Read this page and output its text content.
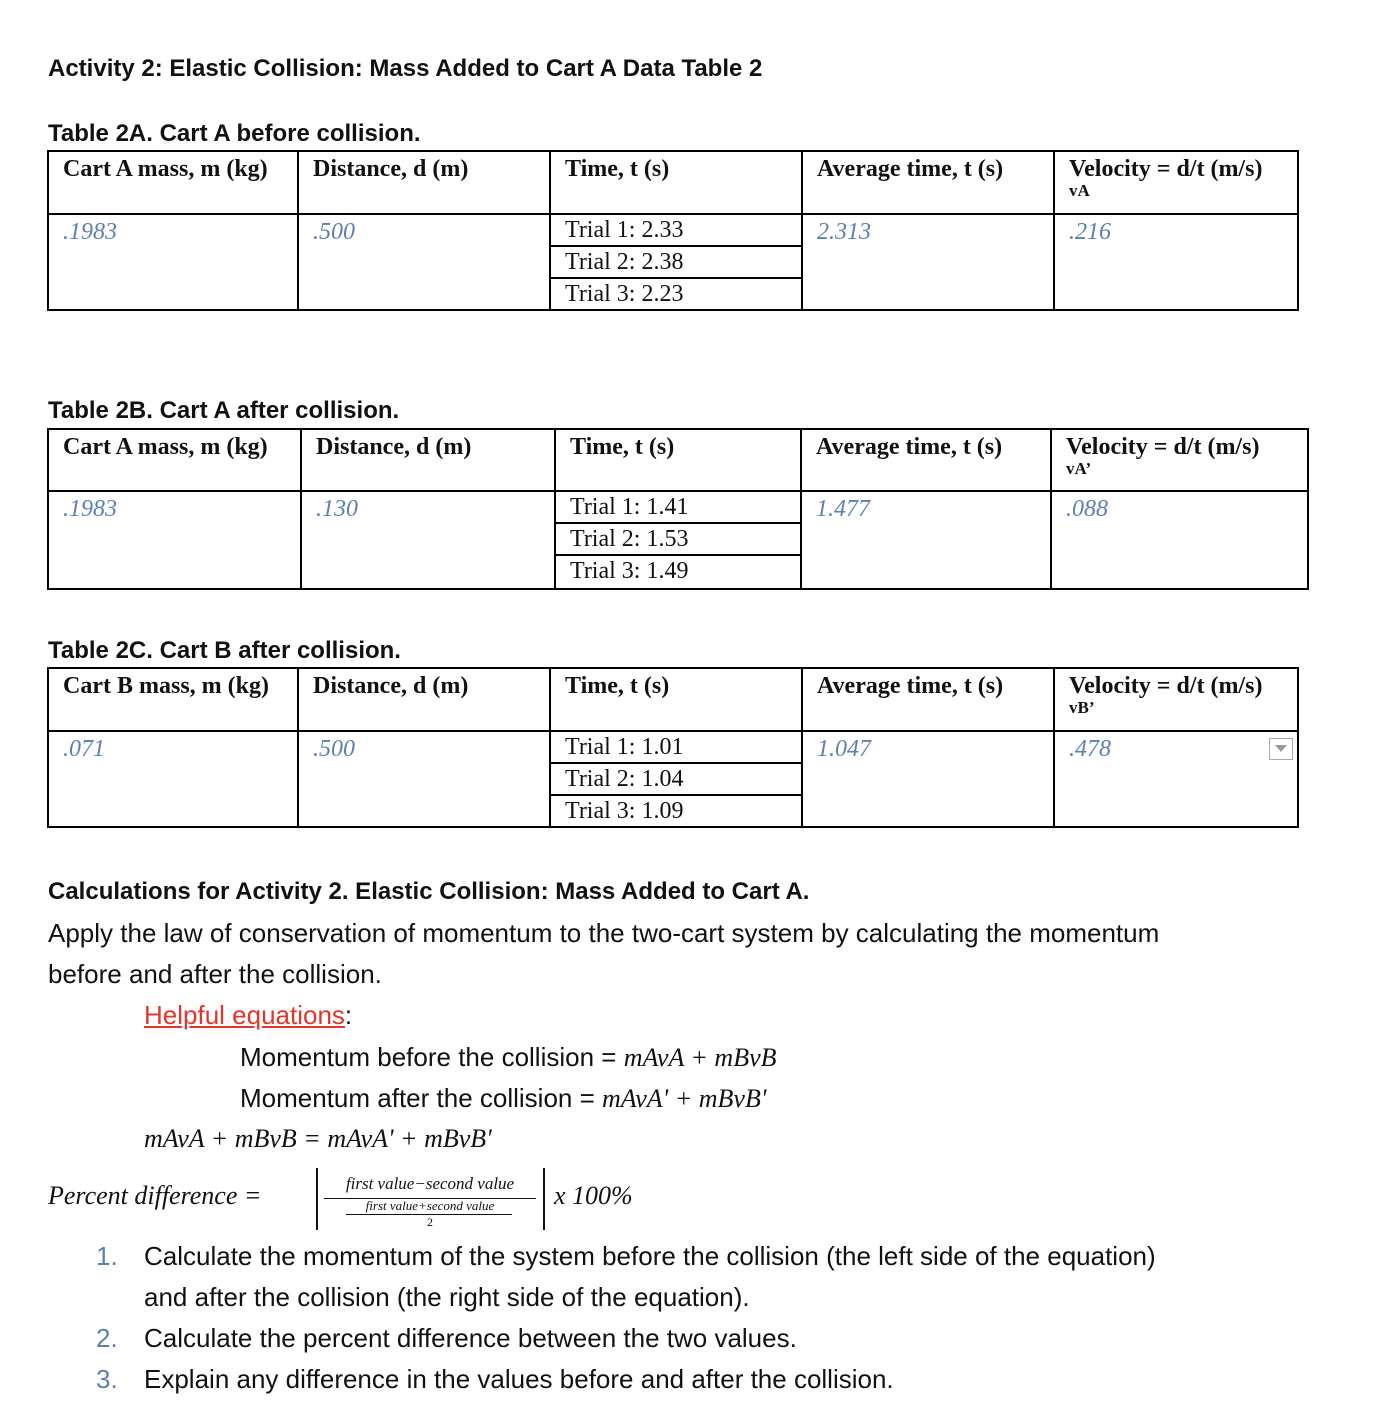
Activity 2: Elastic Collision: Mass Added to Cart A Data Table 2
Table 2A. Cart A before collision.
Cart A mass, m (kg)	Distance, d (m)	Time, t (s)	Average time, t (s)	Velocity = d/t (m/s)
vA

.1983	.500	Trial 1: 2.33
Trial 2: 2.38
Trial 3: 2.23	2.313	.216
Table 2B. Cart A after collision.
Cart A mass, m (kg)	Distance, d (m)	Time, t (s)	Average time, t (s)	Velocity = d/t (m/s)
vA’

.1983	.130	Trial 1: 1.41
Trial 2: 1.53
Trial 3: 1.49	1.477	.088
Table 2C. Cart B after collision.
Cart B mass, m (kg)	Distance, d (m)	Time, t (s)	Average time, t (s)	Velocity = d/t (m/s)
vB’

.071	.500	Trial 1: 1.01
Trial 2: 1.04
Trial 3: 1.09	1.047	.478
Calculations for Activity 2. Elastic Collision: Mass Added to Cart A.
Apply the law of conservation of momentum to the two-cart system by calculating the momentum
before and after the collision.
Helpful equations:
Momentum before the collision = mAvA + mBvB
Momentum after the collision = mAvA' + mBvB'
mAvA + mBvB = mAvA' + mBvB'
Percent difference =	first value−second value
first value+second value
2
x 100%
1. Calculate the momentum of the system before the collision (the left side of the equation)
and after the collision (the right side of the equation).
2. Calculate the percent difference between the two values.
3. Explain any difference in the values before and after the collision.
